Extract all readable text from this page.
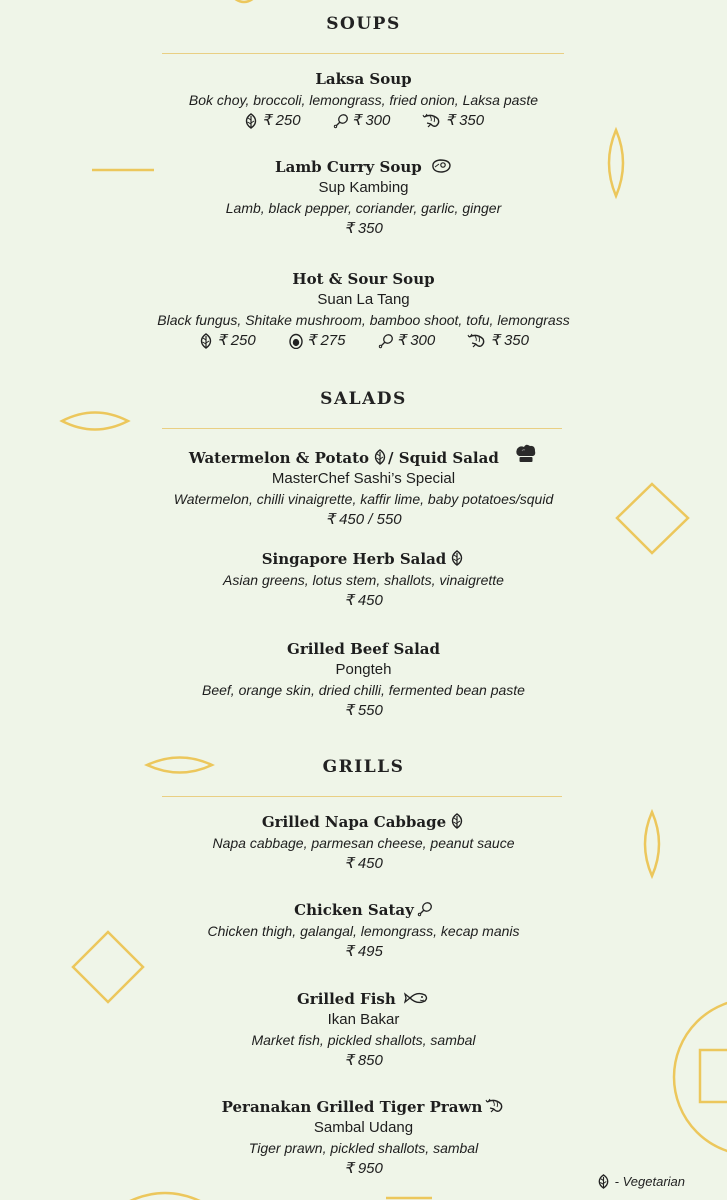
SOUPS
SALADS
GRILLS
Laksa Soup
Bok choy, broccoli, lemongrass, fried onion, Laksa paste
₹ 250	₹ 300	₹ 350
Lamb Curry Soup
Sup Kambing
Lamb, black pepper, coriander, garlic, ginger
₹ 350
Hot & Sour Soup
Suan La Tang
Black fungus, Shitake mushroom, bamboo shoot, tofu, lemongrass
₹ 250	₹ 275	₹ 300	₹ 350
Watermelon & Potato / Squid Salad
MasterChef Sashi’s Special
Watermelon, chilli vinaigrette, kaffir lime, baby potatoes/squid
₹ 450 / 550
Singapore Herb Salad
Asian greens, lotus stem, shallots, vinaigrette
₹ 450
Grilled Beef Salad
Pongteh
Beef, orange skin, dried chilli, fermented bean paste
₹ 550
Grilled Napa Cabbage
Napa cabbage, parmesan cheese, peanut sauce
₹ 450
Chicken Satay
Chicken thigh, galangal, lemongrass, kecap manis
₹ 495
Grilled Fish
Ikan Bakar
Market fish, pickled shallots, sambal
₹ 850
Peranakan Grilled Tiger Prawn
Sambal Udang
Tiger prawn, pickled shallots, sambal
₹ 950
- Vegetarian
